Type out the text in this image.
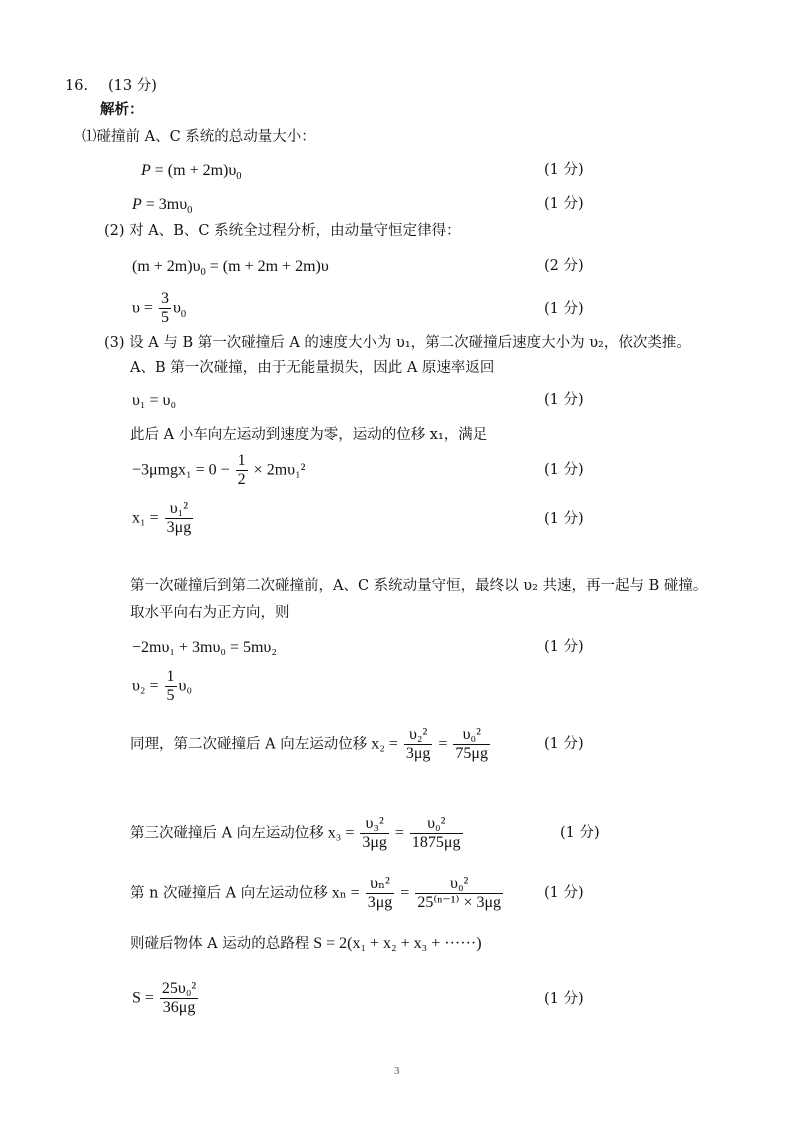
16. (13 分)
解析：
⑴碰撞前 A、C 系统的总动量大小：
$P = (m + 2m)\upsilon_0$	(1 分)
$P = 3m\upsilon_0$	(1 分)
(2) 对 A、B、C 系统全过程分析，由动量守恒定律得：
$(m + 2m)\upsilon_0 = (m + 2m + 2m)\upsilon$	(2 分)
$\upsilon = \frac{3}{5} \upsilon_0$	(1 分)
(3) 设 A 与 B 第一次碰撞后 A 的速度大小为 υ₁，第二次碰撞后速度大小为 υ₂，依次类推。
A、B 第一次碰撞，由于无能量损失，因此 A 原速率返回
υ₁ = υ₀	(1 分)
此后 A 小车向左运动到速度为零，运动的位移 x₁，满足
$-3\mu mgx_1 = 0 - \frac{1}{2} \times 2m\upsilon_1^2$	(1 分)
$x_1 = \frac{\text{υ₁²}}{3\mu g}$	(1 分)
第一次碰撞后到第二次碰撞前，A、C 系统动量守恒，最终以 υ₂ 共速，再一起与 B 碰撞。
取水平向右为正方向，则
−2mυ₁ + 3mυ₀ = 5mυ₂	(1 分)
$\upsilon_2 = \frac{1}{5} \upsilon_0$
同理，第二次碰撞后 A 向左运动位移 $x_2 = \frac{\text{υ₂²}}{3\mu g} = \frac{\text{υ₀²}}{75\mu g}$	(1 分)
第三次碰撞后 A 向左运动位移 $x_3 = \frac{\text{υ₃²}}{3\mu g} = \frac{\text{υ₀²}}{1875\mu g}$	(1 分)
第 n 次碰撞后 A 向左运动位移 $x_n = \frac{\text{υₙ²}}{3\mu g} = \frac{\text{υ₀²}}{\text{25⁽ⁿ⁻¹⁾ × 3μg}}$	(1 分)
则碰后物体 A 运动的总路程 S = 2(x₁ + x₂ + x₃ + ······)
$S = \frac{\text{25υ₀²}}{36\mu g}$	(1 分)
3
